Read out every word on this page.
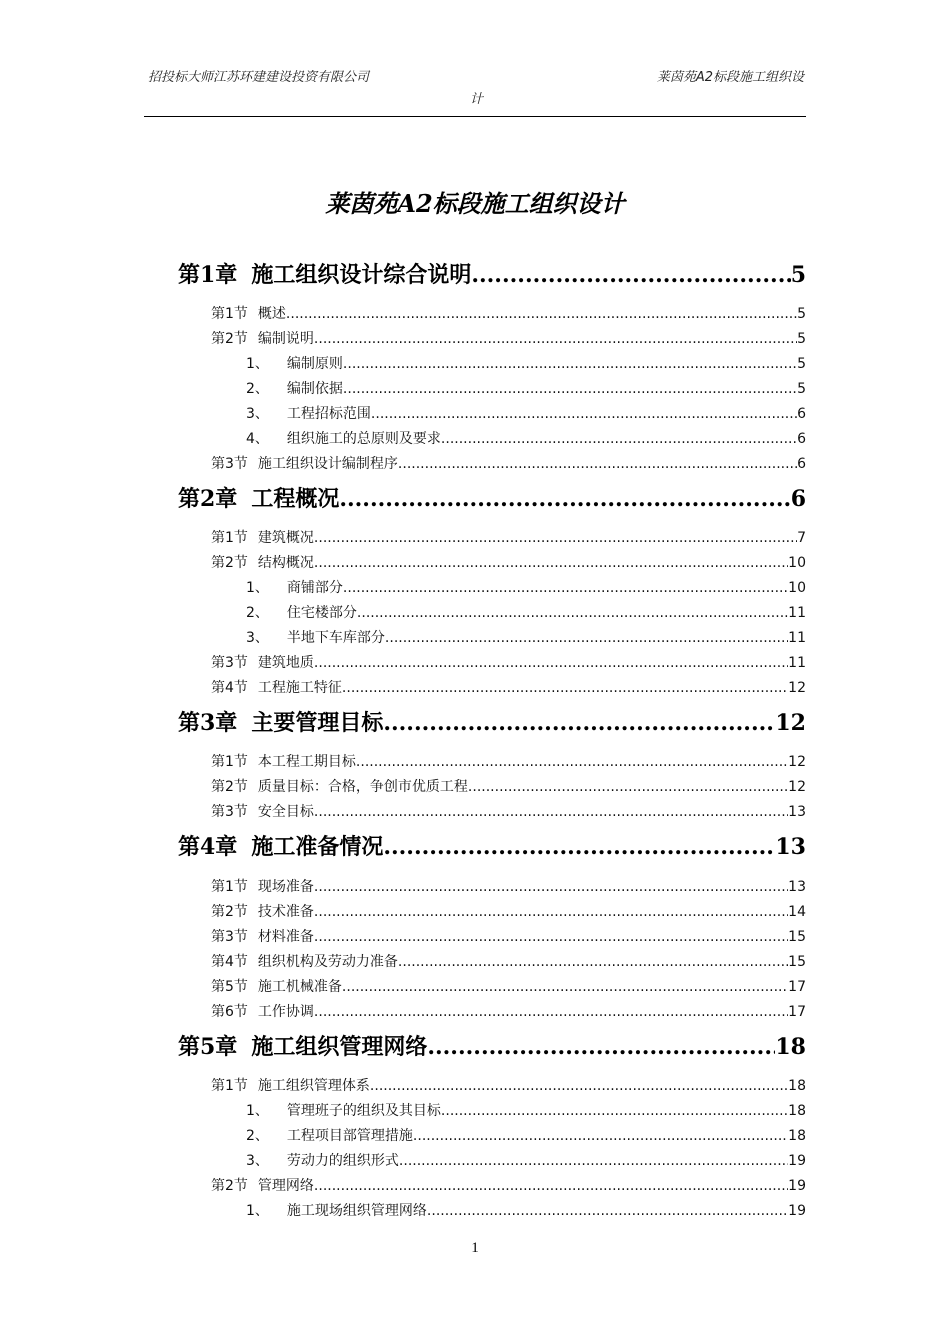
招投标大师江苏环建建设投资有限公司	莱茵苑A2标段施工组织设
计
莱茵苑A2标段施工组织设计
第1章 施工组织设计综合说明 .....	5
第1节 概述 .....	5
第2节 编制说明 .....	5
1、 编制原则 .....	5
2、 编制依据 .....	5
3、 工程招标范围 .....	6
4、 组织施工的总原则及要求 .....	6
第3节 施工组织设计编制程序 .....	6
第2章 工程概况 .....	6
第1节 建筑概况 .....	7
第2节 结构概况 .....	10
1、 商铺部分 .....	10
2、 住宅楼部分 .....	11
3、 半地下车库部分 .....	11
第3节 建筑地质 .....	11
第4节 工程施工特征 .....	12
第3章 主要管理目标 .....	12
第1节 本工程工期目标 .....	12
第2节 质量目标：合格，争创市优质工程 .....	12
第3节 安全目标 .....	13
第4章 施工准备情况 .....	13
第1节 现场准备 .....	13
第2节 技术准备 .....	14
第3节 材料准备 .....	15
第4节 组织机构及劳动力准备 .....	15
第5节 施工机械准备 .....	17
第6节 工作协调 .....	17
第5章 施工组织管理网络 .....	18
第1节 施工组织管理体系 .....	18
1、 管理班子的组织及其目标 .....	18
2、 工程项目部管理措施 .....	18
3、 劳动力的组织形式 .....	19
第2节 管理网络 .....	19
1、 施工现场组织管理网络 .....	19
1
